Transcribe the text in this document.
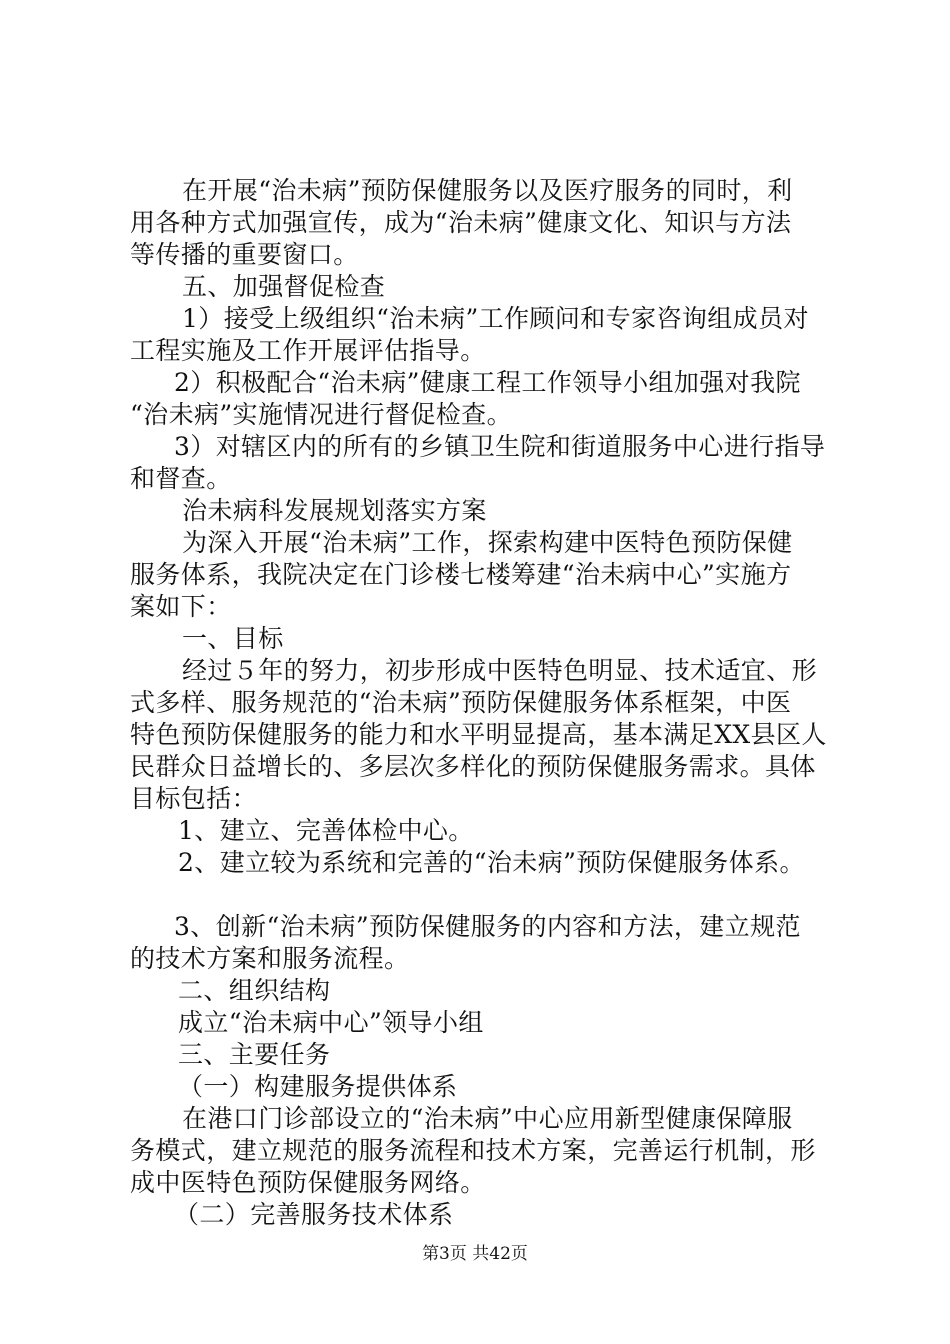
在开展“治未病”预防保健服务以及医疗服务的同时，利
用各种方式加强宣传，成为“治未病”健康文化、知识与方法
等传播的重要窗口。
五、加强督促检查
1）接受上级组织“治未病”工作顾问和专家咨询组成员对
工程实施及工作开展评估指导。
2）积极配合“治未病”健康工程工作领导小组加强对我院
“治未病”实施情况进行督促检查。
3）对辖区内的所有的乡镇卫生院和街道服务中心进行指导
和督查。
治未病科发展规划落实方案
为深入开展“治未病”工作，探索构建中医特色预防保健
服务体系，我院决定在门诊楼七楼筹建“治未病中心”实施方
案如下：
一、目标
经过５年的努力，初步形成中医特色明显、技术适宜、形
式多样、服务规范的“治未病”预防保健服务体系框架，中医
特色预防保健服务的能力和水平明显提高，基本满足XX县区人
民群众日益增长的、多层次多样化的预防保健服务需求。具体
目标包括：
1、建立、完善体检中心。
2、建立较为系统和完善的“治未病”预防保健服务体系。
3、创新“治未病”预防保健服务的内容和方法，建立规范
的技术方案和服务流程。
二、组织结构
成立“治未病中心”领导小组
三、主要任务
（一）构建服务提供体系
在港口门诊部设立的“治未病”中心应用新型健康保障服
务模式，建立规范的服务流程和技术方案，完善运行机制，形
成中医特色预防保健服务网络。
（二）完善服务技术体系
第3页 共42页
